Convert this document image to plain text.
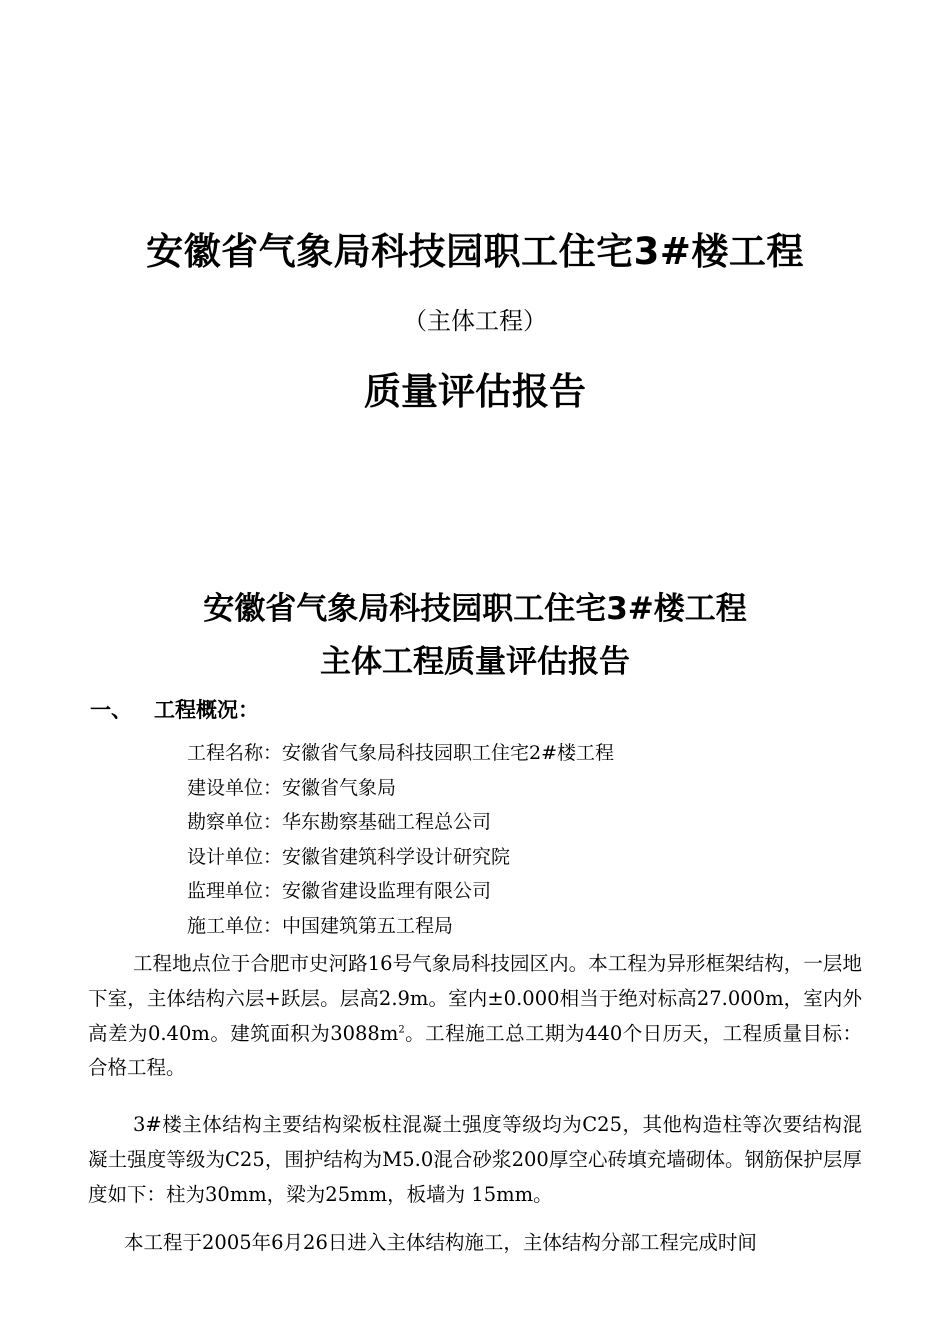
安徽省气象局科技园职工住宅3#楼工程
（主体工程）
质量评估报告
安徽省气象局科技园职工住宅3#楼工程
主体工程质量评估报告
一、 工程概况：
工程名称：安徽省气象局科技园职工住宅2#楼工程
建设单位：安徽省气象局
勘察单位：华东勘察基础工程总公司
设计单位：安徽省建筑科学设计研究院
监理单位：安徽省建设监理有限公司
施工单位：中国建筑第五工程局

工程地点位于合肥市史河路16号气象局科技园区内。本工程为异形框架结构，一层地下室，主体结构六层+跃层。层高2.9m。室内±0.000相当于绝对标高27.000m，室内外高差为0.40m。建筑面积为$3088m^2$。工程施工总工期为440个日历天，工程质量目标：合格工程。

3#楼主体结构主要结构梁板柱混凝土强度等级均为C25，其他构造柱等次要结构混凝土强度等级为C25，围护结构为M5.0混合砂浆200厚空心砖填充墙砌体。钢筋保护层厚度如下：柱为30mm，梁为25mm，板墙为 15mm。

本工程于2005年6月26日进入主体结构施工，主体结构分部工程完成时间
